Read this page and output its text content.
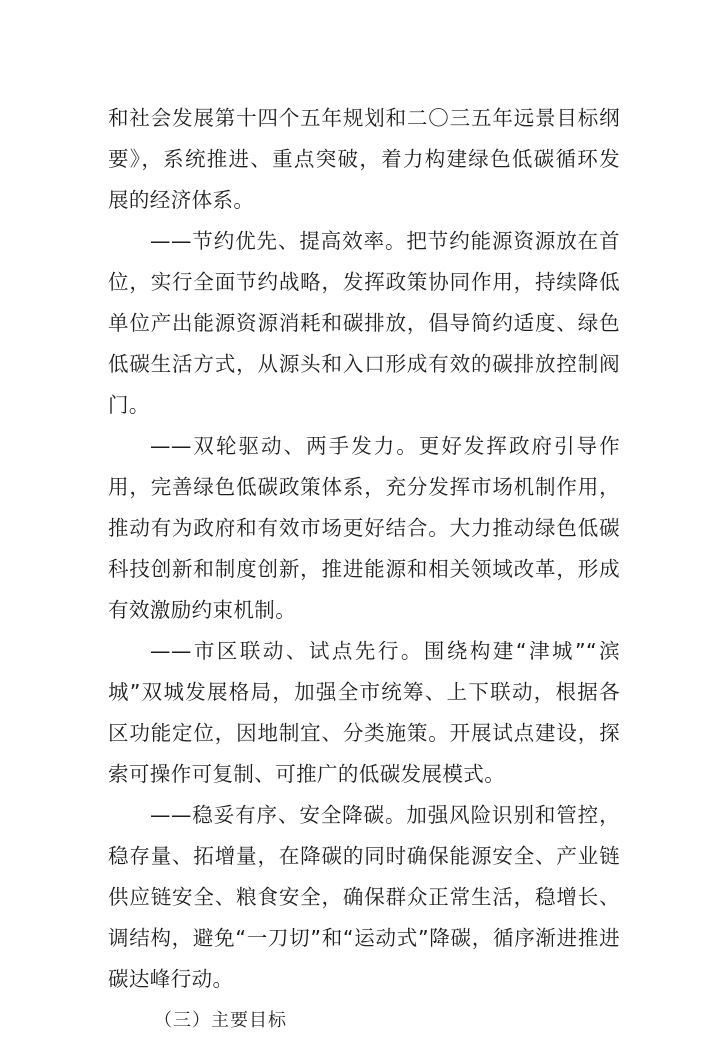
和社会发展第十四个五年规划和二〇三五年远景目标纲要》，系统推进、重点突破，着力构建绿色低碳循环发展的经济体系。

——节约优先、提高效率。把节约能源资源放在首位，实行全面节约战略，发挥政策协同作用，持续降低单位产出能源资源消耗和碳排放，倡导简约适度、绿色低碳生活方式，从源头和入口形成有效的碳排放控制阀门。

——双轮驱动、两手发力。更好发挥政府引导作用，完善绿色低碳政策体系，充分发挥市场机制作用，推动有为政府和有效市场更好结合。大力推动绿色低碳科技创新和制度创新，推进能源和相关领域改革，形成有效激励约束机制。

——市区联动、试点先行。围绕构建“津城”“滨城”双城发展格局，加强全市统筹、上下联动，根据各区功能定位，因地制宜、分类施策。开展试点建设，探索可操作可复制、可推广的低碳发展模式。

——稳妥有序、安全降碳。加强风险识别和管控，稳存量、拓增量，在降碳的同时确保能源安全、产业链供应链安全、粮食安全，确保群众正常生活，稳增长、调结构，避免“一刀切”和“运动式”降碳，循序渐进推进碳达峰行动。

（三）主要目标
